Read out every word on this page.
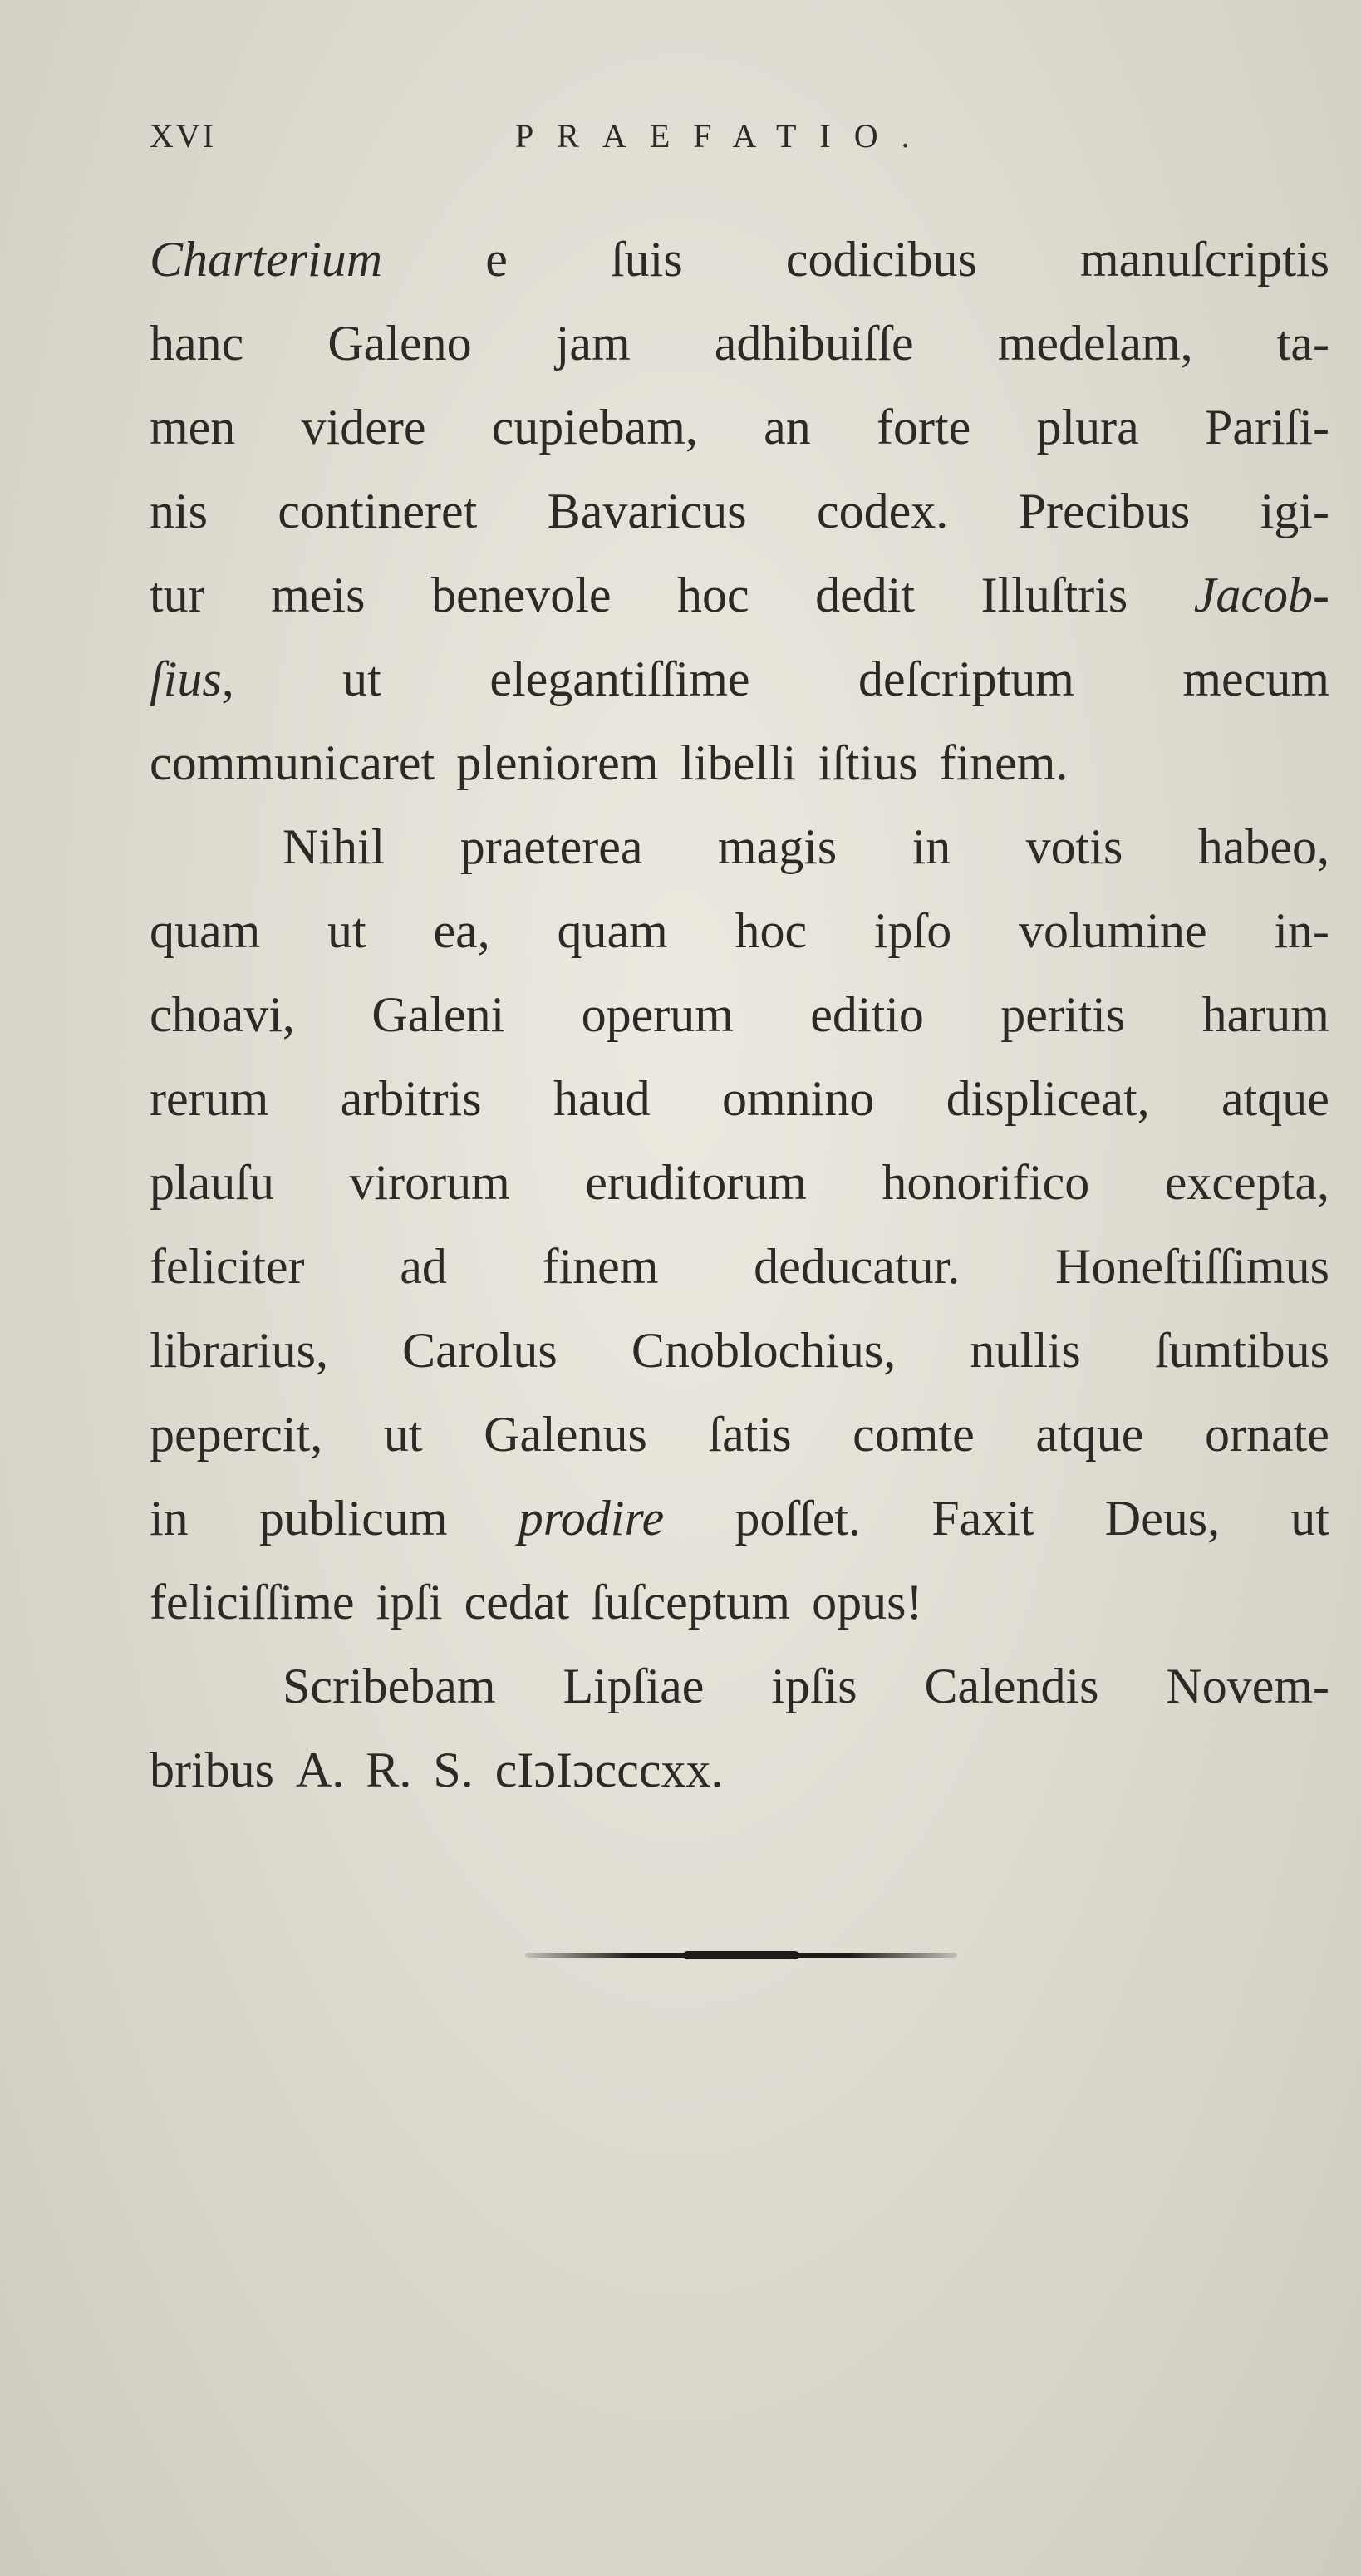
XVI	PRAEFATIO.
Charterium e ſuis codicibus manuſcriptis
hanc Galeno jam adhibuiſſe medelam, ta-
men videre cupiebam, an forte plura Pariſi-
nis contineret Bavaricus codex. Precibus igi-
tur meis benevole hoc dedit Illuſtris Jacob-
ſius, ut elegantiſſime deſcriptum mecum
communicaret pleniorem libelli iſtius finem.
Nihil praeterea magis in votis habeo,
quam ut ea, quam hoc ipſo volumine in-
choavi, Galeni operum editio peritis harum
rerum arbitris haud omnino displiceat, atque
plauſu virorum eruditorum honorifico excepta,
feliciter ad finem deducatur. Honeſtiſſimus
librarius, Carolus Cnoblochius, nullis ſumtibus
pepercit, ut Galenus ſatis comte atque ornate
in publicum prodire poſſet. Faxit Deus, ut
feliciſſime ipſi cedat ſuſceptum opus!
Scribebam Lipſiae ipſis Calendis Novem-
bribus A. R. S. cIɔIɔcccxx.
